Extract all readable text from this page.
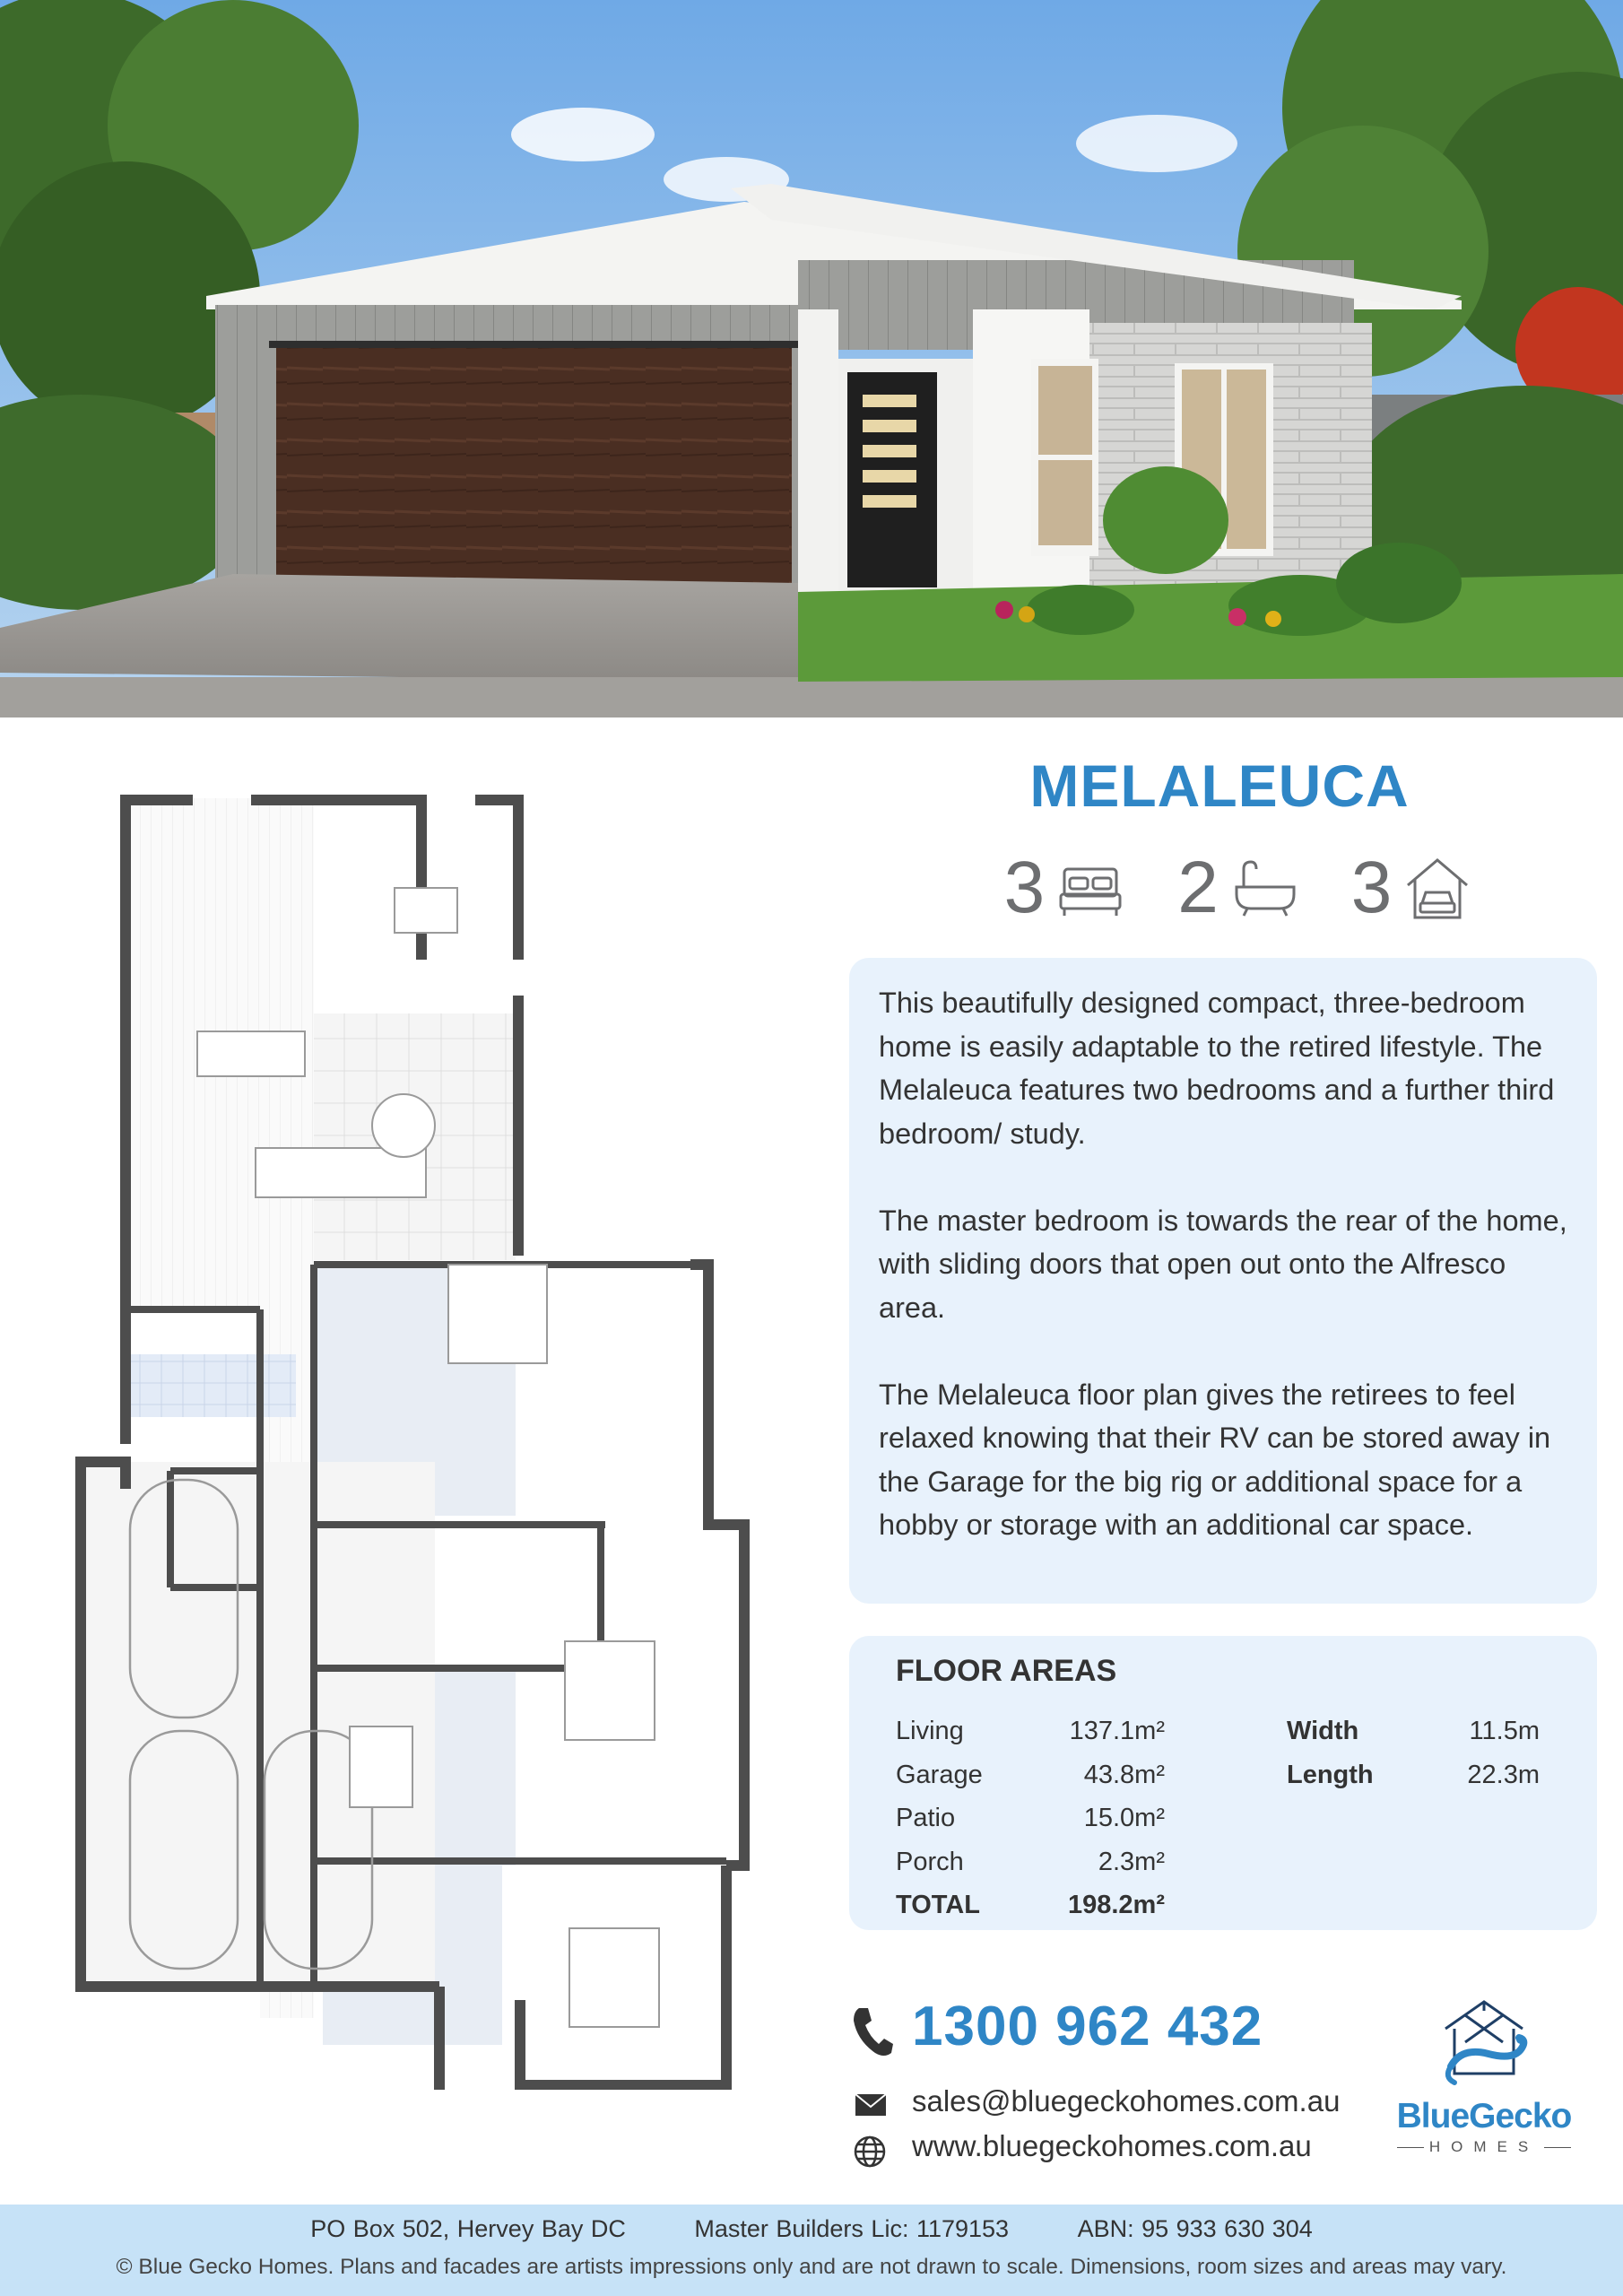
MELALEUCA
3 2 3

This beautifully designed compact, three-bedroom home is easily adaptable to the retired lifestyle. The Melaleuca features two bedrooms and a further third bedroom/ study.

The master bedroom is towards the rear of the home, with sliding doors that open out onto the Alfresco area.

The Melaleuca floor plan gives the retirees to feel relaxed knowing that their RV can be stored away in the Garage for the big rig or additional space for a hobby or storage with an additional car space.

FLOOR AREAS
Living	137.1m²
Garage	43.8m²
Patio	15.0m²
Porch	2.3m²
TOTAL	198.2m²
Width	11.5m
Length	22.3m
1300 962 432
sales@bluegeckohomes.com.au
www.bluegeckohomes.com.au
BlueGecko
HOMES
PO Box 502, Hervey Bay DC	Master Builders Lic: 1179153	ABN: 95 933 630 304
© Blue Gecko Homes. Plans and facades are artists impressions only and are not drawn to scale. Dimensions, room sizes and areas may vary.
